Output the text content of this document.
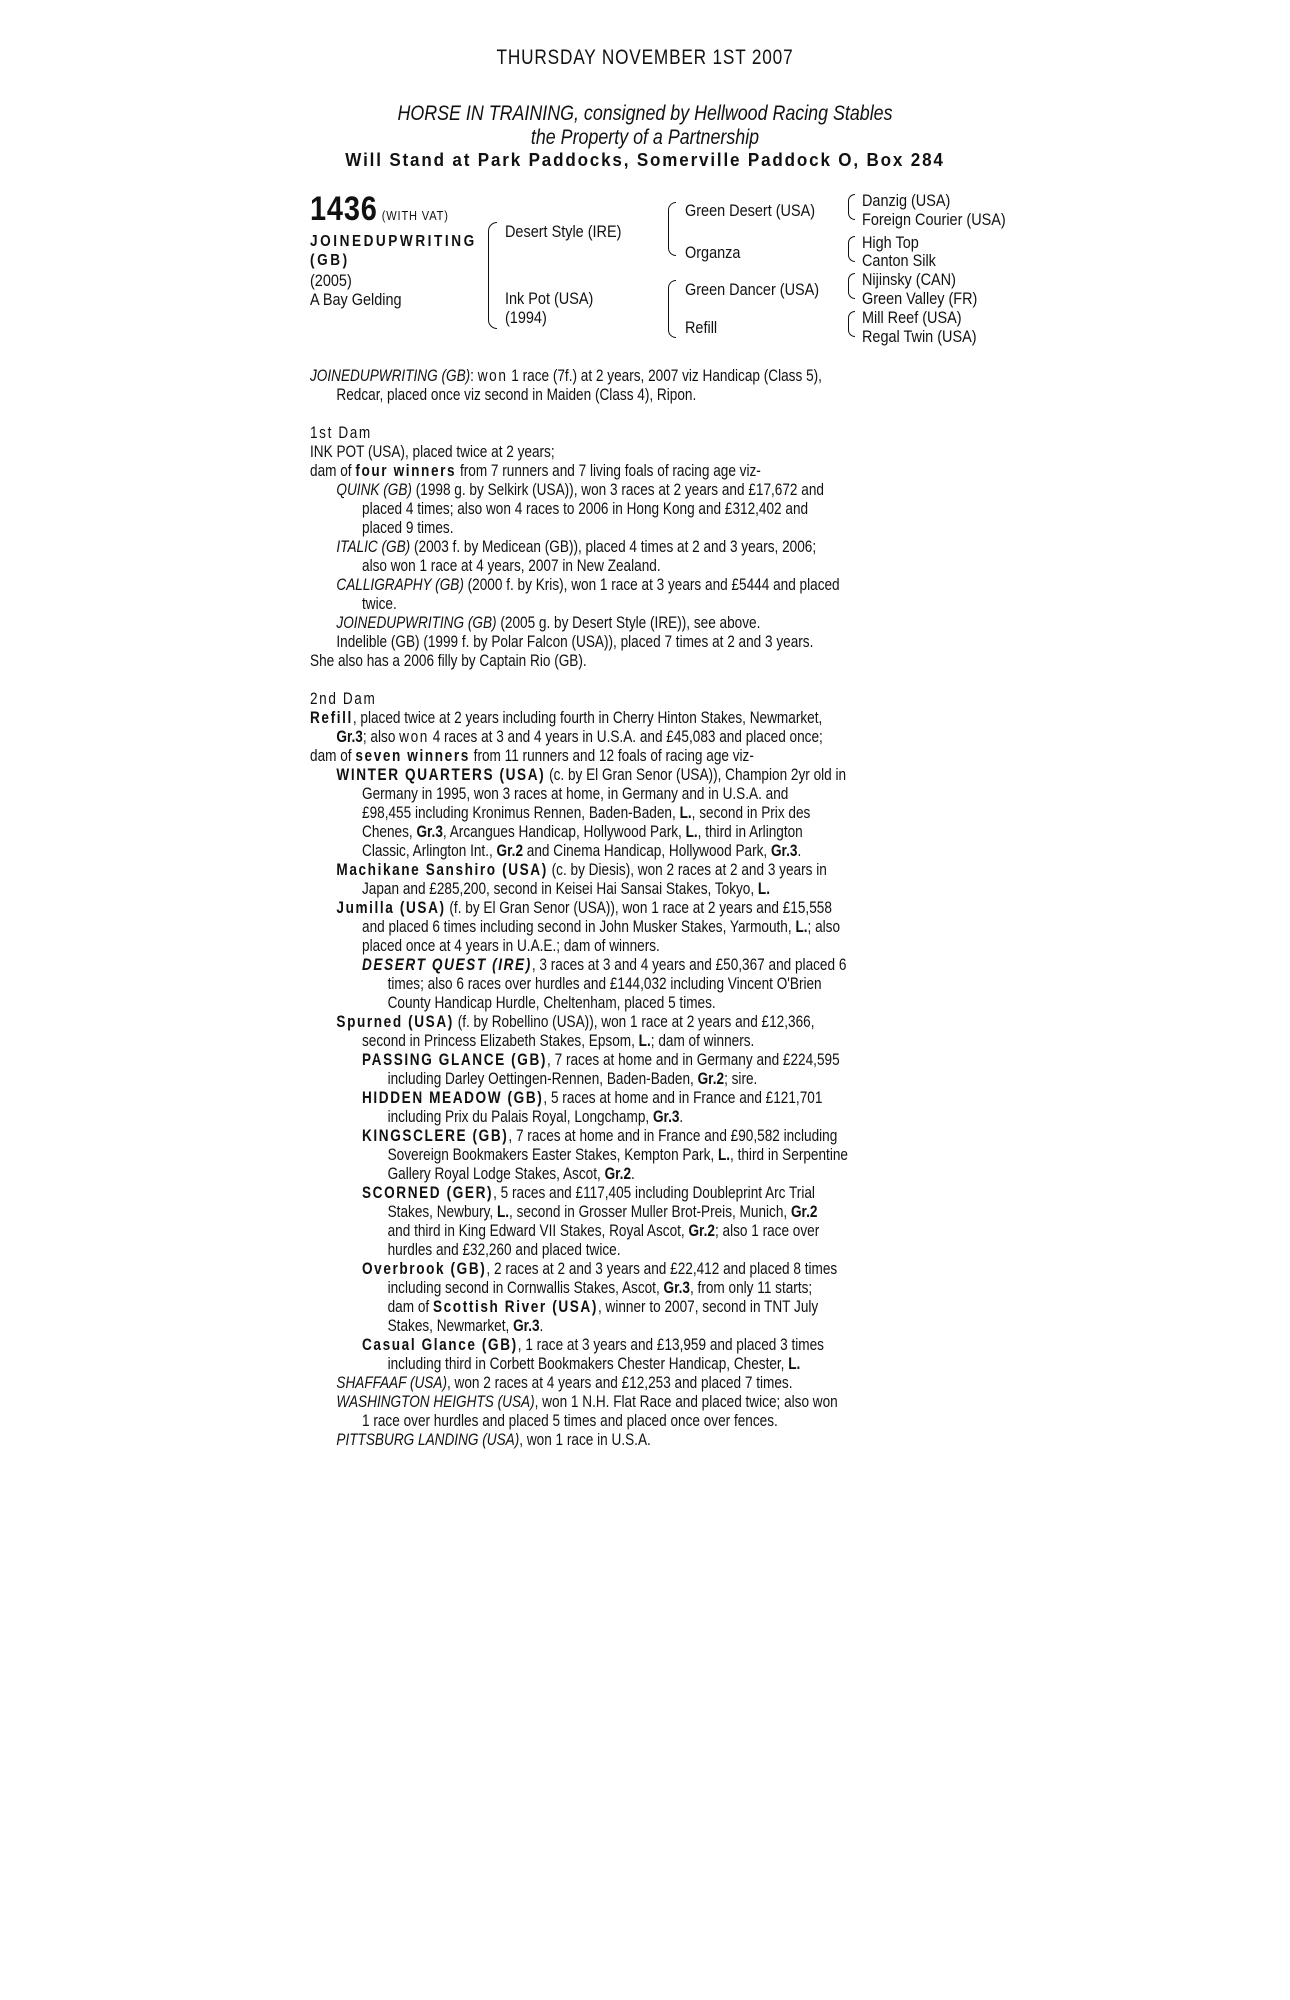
THURSDAY NOVEMBER 1ST 2007
HORSE IN TRAINING, consigned by Hellwood Racing Stables
the Property of a Partnership
Will Stand at Park Paddocks, Somerville Paddock O, Box 284
1436 (WITH VAT)
JOINEDUPWRITING
(GB)
(2005)
A Bay Gelding
Desert Style (IRE)
Ink Pot (USA)
(1994)
Green Desert (USA)
Organza
Green Dancer (USA)
Refill
Danzig (USA)
Foreign Courier (USA)
High Top
Canton Silk
Nijinsky (CAN)
Green Valley (FR)
Mill Reef (USA)
Regal Twin (USA)
JOINEDUPWRITING (GB): won 1 race (7f.) at 2 years, 2007 viz Handicap (Class 5),
Redcar, placed once viz second in Maiden (Class 4), Ripon.
1st Dam
INK POT (USA), placed twice at 2 years;
dam of four winners from 7 runners and 7 living foals of racing age viz-
QUINK (GB) (1998 g. by Selkirk (USA)), won 3 races at 2 years and £17,672 and
placed 4 times; also won 4 races to 2006 in Hong Kong and £312,402 and
placed 9 times.
ITALIC (GB) (2003 f. by Medicean (GB)), placed 4 times at 2 and 3 years, 2006;
also won 1 race at 4 years, 2007 in New Zealand.
CALLIGRAPHY (GB) (2000 f. by Kris), won 1 race at 3 years and £5444 and placed
twice.
JOINEDUPWRITING (GB) (2005 g. by Desert Style (IRE)), see above.
Indelible (GB) (1999 f. by Polar Falcon (USA)), placed 7 times at 2 and 3 years.
She also has a 2006 filly by Captain Rio (GB).
2nd Dam
Refill, placed twice at 2 years including fourth in Cherry Hinton Stakes, Newmarket,
Gr.3; also won 4 races at 3 and 4 years in U.S.A. and £45,083 and placed once;
dam of seven winners from 11 runners and 12 foals of racing age viz-
WINTER QUARTERS (USA) (c. by El Gran Senor (USA)), Champion 2yr old in
Germany in 1995, won 3 races at home, in Germany and in U.S.A. and
£98,455 including Kronimus Rennen, Baden-Baden, L., second in Prix des
Chenes, Gr.3, Arcangues Handicap, Hollywood Park, L., third in Arlington
Classic, Arlington Int., Gr.2 and Cinema Handicap, Hollywood Park, Gr.3.
Machikane Sanshiro (USA) (c. by Diesis), won 2 races at 2 and 3 years in
Japan and £285,200, second in Keisei Hai Sansai Stakes, Tokyo, L.
Jumilla (USA) (f. by El Gran Senor (USA)), won 1 race at 2 years and £15,558
and placed 6 times including second in John Musker Stakes, Yarmouth, L.; also
placed once at 4 years in U.A.E.; dam of winners.
DESERT QUEST (IRE), 3 races at 3 and 4 years and £50,367 and placed 6
times; also 6 races over hurdles and £144,032 including Vincent O'Brien
County Handicap Hurdle, Cheltenham, placed 5 times.
Spurned (USA) (f. by Robellino (USA)), won 1 race at 2 years and £12,366,
second in Princess Elizabeth Stakes, Epsom, L.; dam of winners.
PASSING GLANCE (GB), 7 races at home and in Germany and £224,595
including Darley Oettingen-Rennen, Baden-Baden, Gr.2; sire.
HIDDEN MEADOW (GB), 5 races at home and in France and £121,701
including Prix du Palais Royal, Longchamp, Gr.3.
KINGSCLERE (GB), 7 races at home and in France and £90,582 including
Sovereign Bookmakers Easter Stakes, Kempton Park, L., third in Serpentine
Gallery Royal Lodge Stakes, Ascot, Gr.2.
SCORNED (GER), 5 races and £117,405 including Doubleprint Arc Trial
Stakes, Newbury, L., second in Grosser Muller Brot-Preis, Munich, Gr.2
and third in King Edward VII Stakes, Royal Ascot, Gr.2; also 1 race over
hurdles and £32,260 and placed twice.
Overbrook (GB), 2 races at 2 and 3 years and £22,412 and placed 8 times
including second in Cornwallis Stakes, Ascot, Gr.3, from only 11 starts;
dam of Scottish River (USA), winner to 2007, second in TNT July
Stakes, Newmarket, Gr.3.
Casual Glance (GB), 1 race at 3 years and £13,959 and placed 3 times
including third in Corbett Bookmakers Chester Handicap, Chester, L.
SHAFFAAF (USA), won 2 races at 4 years and £12,253 and placed 7 times.
WASHINGTON HEIGHTS (USA), won 1 N.H. Flat Race and placed twice; also won
1 race over hurdles and placed 5 times and placed once over fences.
PITTSBURG LANDING (USA), won 1 race in U.S.A.
